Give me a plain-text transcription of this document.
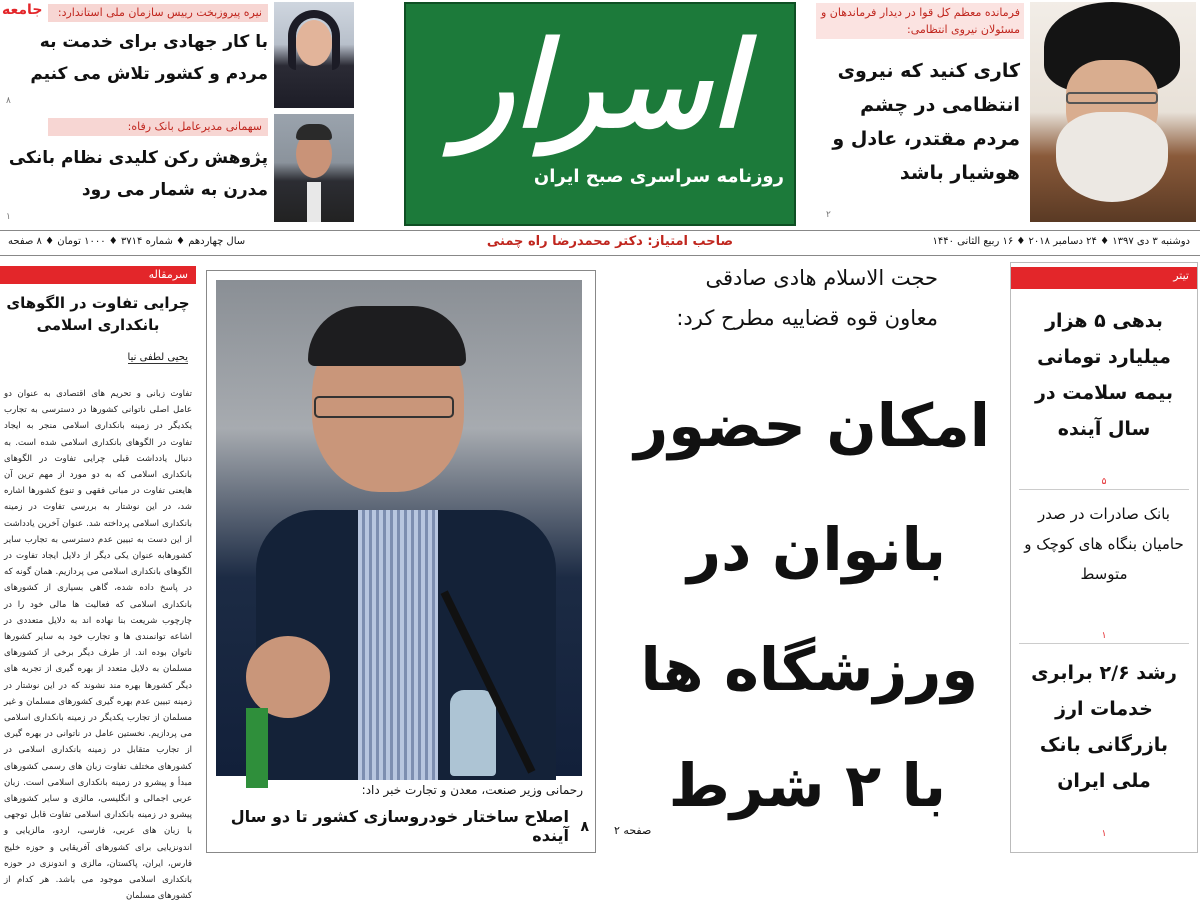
جامعه	نیره پیروزبخت رییس سازمان ملی استاندارد:
با کار جهادی برای خدمت به مردم و کشور تلاش می کنیم
۸
سهمانی مدیرعامل بانک رفاه:
پژوهش رکن کلیدی نظام بانکی مدرن به شمار می رود
۱
اسرار
روزنامه سراسری صبح ایران
فرمانده معظم کل قوا در دیدار فرماندهان و مسئولان نیروی انتظامی:
کاری کنید که نیروی انتظامی در چشم مردم مقتدر، عادل و هوشیار باشد
۲
دوشنبه ۳ دی ۱۳۹۷ ♦ ۲۴ دسامبر ۲۰۱۸ ♦ ۱۶ ربیع الثانی ۱۴۴۰
صاحب امتیاز: دکتر محمدرضا راه چمنی
سال چهاردهم ♦ شماره ۳۷۱۴ ♦ ۱۰۰۰ تومان ♦ ۸ صفحه
سرمقاله
چرایی تفاوت در الگوهای بانکداری اسلامی
یحیی لطفی نیا
تفاوت زبانی و تحریم های اقتصادی به عنوان دو عامل اصلی ناتوانی کشورها در دسترسی به تجارب یکدیگر در زمینه بانکداری اسلامی منجر به ایجاد تفاوت در الگوهای بانکداری اسلامی شده است. به دنبال یادداشت قبلی چرایی تفاوت در الگوهای بانکداری اسلامی که به دو مورد از مهم ترین آن هایعنی تفاوت در مبانی فقهی و تنوع کشورها اشاره شد، در این نوشتار به بررسی تفاوت در زمینه بانکداری اسلامی پرداخته شد. عنوان آخرین یادداشت از این دست به تبیین عدم دسترسی به تجارب سایر کشورهابه عنوان یکی دیگر از دلایل ایجاد تفاوت در الگوهای بانکداری اسلامی می پردازیم. همان گونه که در پاسخ داده شده، گاهی بسیاری از کشورهای بانکداری اسلامی که فعالیت ها مالی خود را در چارچوب شریعت بنا نهاده اند به دلایل متعددی در اشاعه توانمندی ها و تجارب خود به سایر کشورها ناتوان بوده اند. از طرف دیگر برخی از کشورهای مسلمان به دلایل متعدد از بهره گیری از تجربه های دیگر کشورها بهره مند نشوند که در این نوشتار در زمینه تبیین عدم بهره گیری کشورهای مسلمان و غیر مسلمان از تجارب یکدیگر در زمینه بانکداری اسلامی می پردازیم. نخستین عامل در ناتوانی در بهره گیری از تجارب متقابل در زمینه بانکداری اسلامی در کشورهای مختلف تفاوت زبان های رسمی کشورهای مبدأ و پیشرو در زمینه بانکداری اسلامی است. زبان عربی اجمالی و انگلیسی، مالزی و سایر کشورهای پیشرو در زمینه بانکداری اسلامی تفاوت قابل توجهی با زبان های عربی، فارسی، اردو، مالزیایی و اندونزیایی برای کشورهای آفریقایی و حوزه خلیج فارس، ایران، پاکستان، مالزی و اندونزی در حوزه بانکداری اسلامی موجود می باشد. هر کدام از کشورهای مسلمان
رحمانی وزیر صنعت، معدن و تجارت خبر داد:
اصلاح ساختار خودروسازی کشور تا دو سال آینده ۸
حجت الاسلام هادی صادقی
معاون قوه قضاییه مطرح کرد:
امکان حضور
بانوان در
ورزشگاه ها
با ۲ شرط
صفحه ۲
تیتر
بدهی ۵ هزار میلیارد تومانی بیمه سلامت در سال آینده
۵
بانک صادرات در صدر حامیان بنگاه های کوچک و متوسط
۱
رشد ۲/۶ برابری خدمات ارز بازرگانی بانک ملی ایران
۱
